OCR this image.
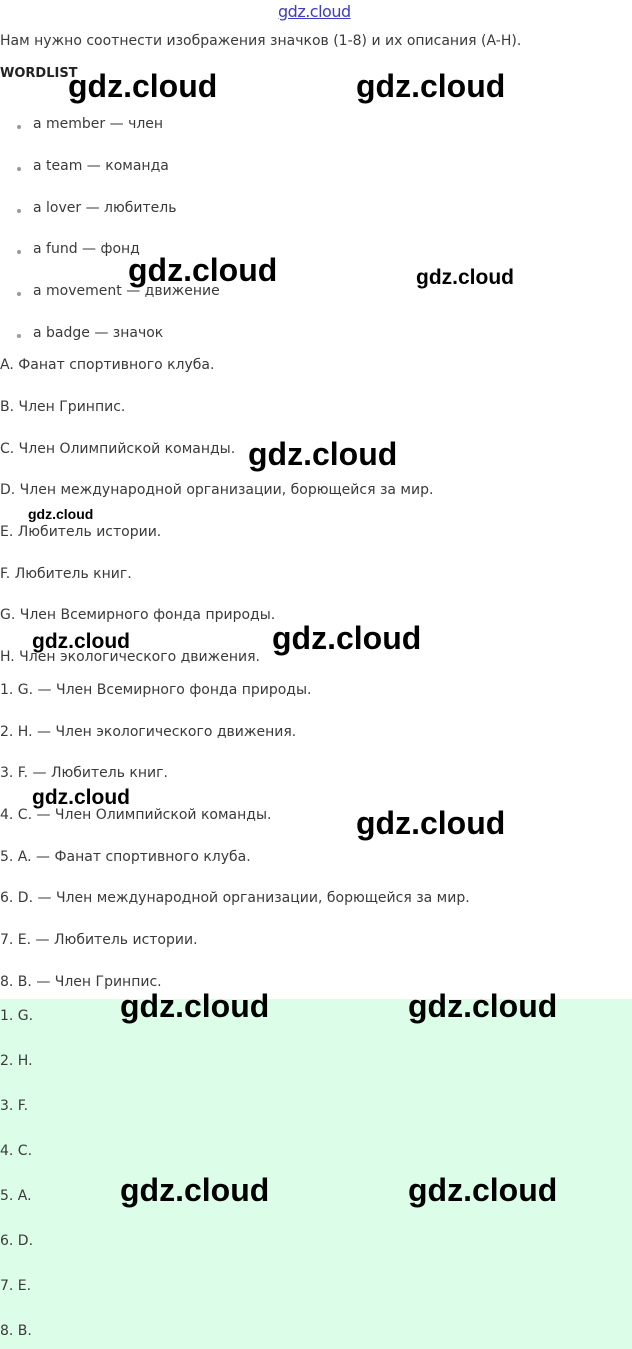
gdz.cloud
Нам нужно соотнести изображения значков (1-8) и их описания (A-H).
WORDLIST
a member — член
a team — команда
a lover — любитель
a fund — фонд
a movement — движение
a badge — значок
A. Фанат спортивного клуба.
B. Член Гринпис.
C. Член Олимпийской команды.
D. Член международной организации, борющейся за мир.
E. Любитель истории.
F. Любитель книг.
G. Член Всемирного фонда природы.
H. Член экологического движения.
1. G. — Член Всемирного фонда природы.
2. H. — Член экологического движения.
3. F. — Любитель книг.
4. C. — Член Олимпийской команды.
5. A. — Фанат спортивного клуба.
6. D. — Член международной организации, борющейся за мир.
7. E. — Любитель истории.
8. B. — Член Гринпис.
1. G.
2. H.
3. F.
4. C.
5. A.
6. D.
7. E.
8. B.
gdz.cloud	gdz.cloud
gdz.cloud	gdz.cloud
gdz.cloud
gdz.cloud
gdz.cloud	gdz.cloud
gdz.cloud
gdz.cloud
gdz.cloud	gdz.cloud
gdz.cloud	gdz.cloud
